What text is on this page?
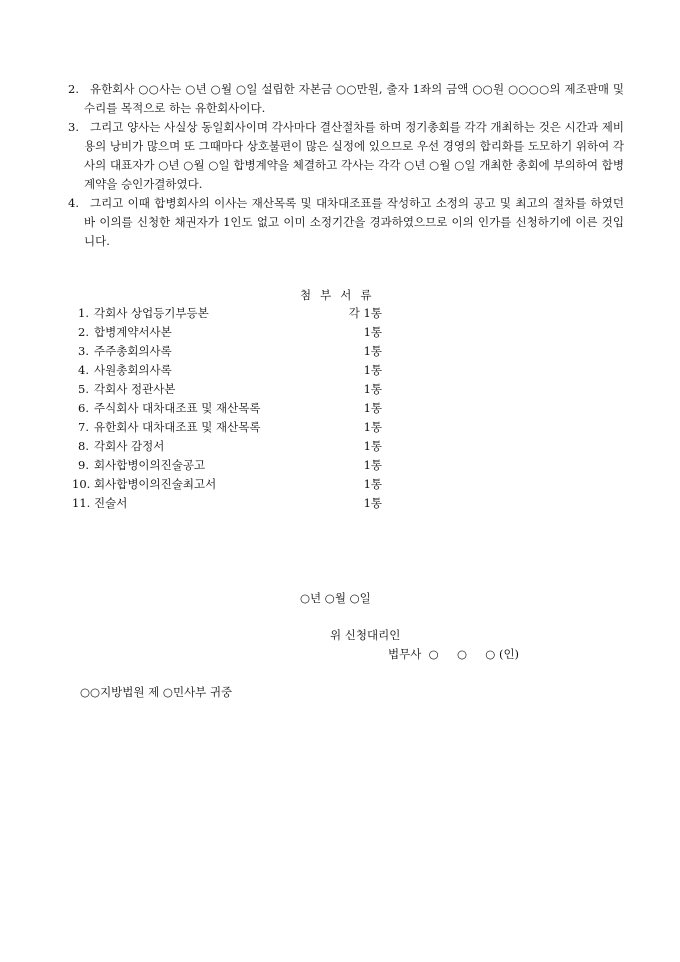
2. 유한회사 ○○사는 ○년 ○월 ○일 설립한 자본금 ○○만원, 출자 1좌의 금액 ○○원 ○○○○의 제조판매 및 수리를 목적으로 하는 유한회사이다.
3. 그리고 양사는 사실상 동일회사이며 각사마다 결산절차를 하며 정기총회를 각각 개최하는 것은 시간과 제비용의 낭비가 많으며 또 그때마다 상호불편이 많은 실정에 있으므로 우선 경영의 합리화를 도모하기 위하여 각사의 대표자가 ○년 ○월 ○일 합병계약을 체결하고 각사는 각각 ○년 ○월 ○일 개최한 총회에 부의하여 합병계약을 승인가결하였다.
4. 그리고 이때 합병회사의 이사는 재산목록 및 대차대조표를 작성하고 소정의 공고 및 최고의 절차를 하였던 바 이의를 신청한 채권자가 1인도 없고 이미 소정기간을 경과하였으므로 이의 인가를 신청하기에 이른 것입니다.
첨부서류
1. 각회사 상업등기부등본	각 1통
2. 합병계약서사본	1통
3. 주주총회의사록	1통
4. 사원총회의사록	1통
5. 각회사 정관사본	1통
6. 주식회사 대차대조표 및 재산목록	1통
7. 유한회사 대차대조표 및 재산목록	1통
8. 각회사 감정서	1통
9. 회사합병이의진술공고	1통
10. 회사합병이의진술최고서	1통
11. 진술서	1통
○년 ○월 ○일
위 신청대리인
법무사  ○     ○     ○ (인)
○○지방법원 제 ○민사부 귀중
